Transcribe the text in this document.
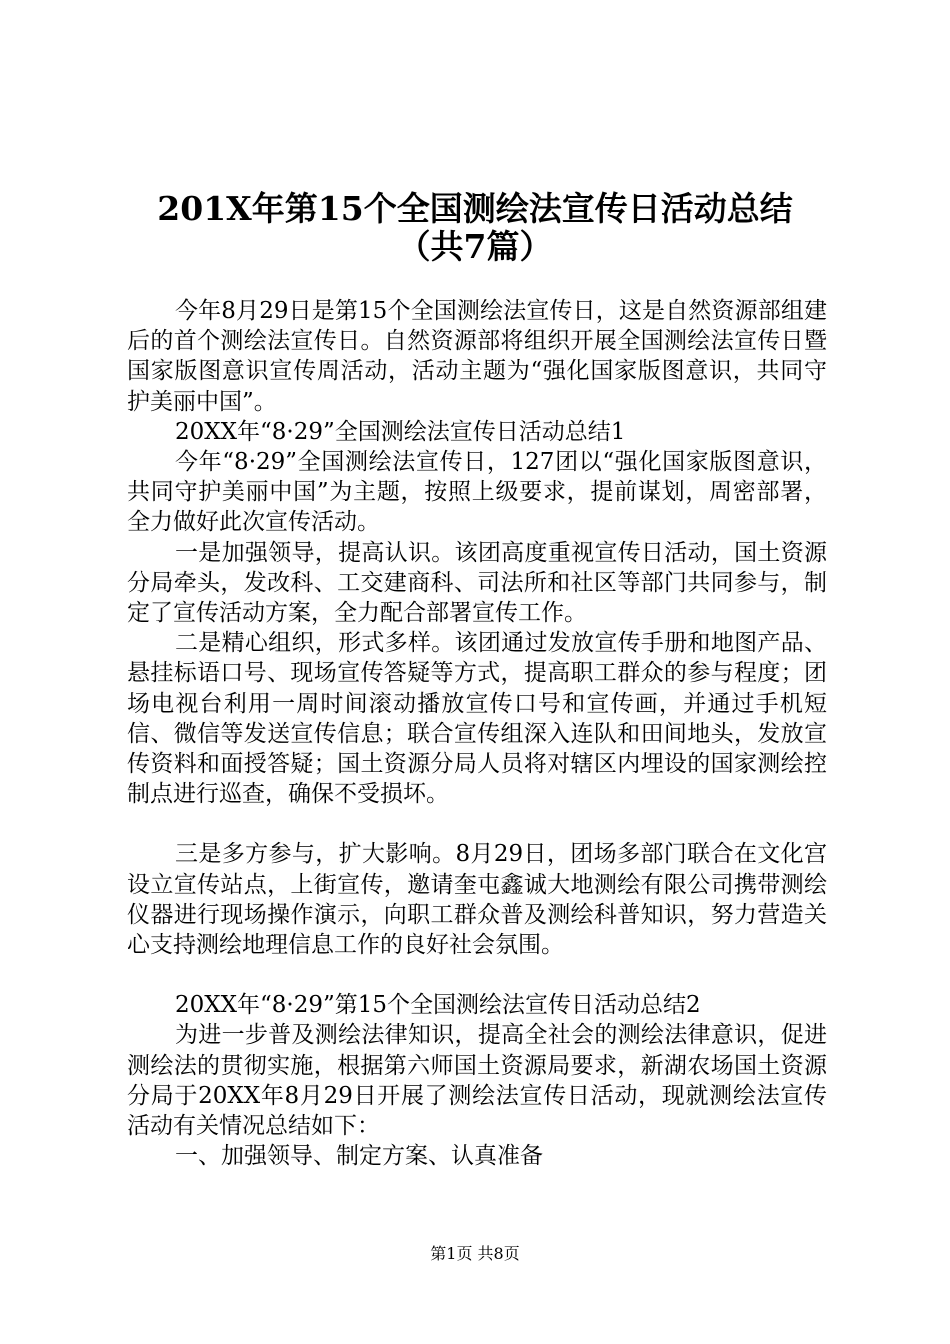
201X年第15个全国测绘法宣传日活动总结
（共7篇）

今年8月29日是第15个全国测绘法宣传日，这是自然资源部组建后的首个测绘法宣传日。自然资源部将组织开展全国测绘法宣传日暨国家版图意识宣传周活动，活动主题为“强化国家版图意识，共同守护美丽中国”。

20XX年“8·29”全国测绘法宣传日活动总结1

今年“8·29”全国测绘法宣传日，127团以“强化国家版图意识，共同守护美丽中国”为主题，按照上级要求，提前谋划，周密部署，全力做好此次宣传活动。

一是加强领导，提高认识。该团高度重视宣传日活动，国土资源分局牵头，发改科、工交建商科、司法所和社区等部门共同参与，制定了宣传活动方案，全力配合部署宣传工作。

二是精心组织，形式多样。该团通过发放宣传手册和地图产品、悬挂标语口号、现场宣传答疑等方式，提高职工群众的参与程度；团场电视台利用一周时间滚动播放宣传口号和宣传画，并通过手机短信、微信等发送宣传信息；联合宣传组深入连队和田间地头，发放宣传资料和面授答疑；国土资源分局人员将对辖区内埋设的国家测绘控制点进行巡查，确保不受损坏。

三是多方参与，扩大影响。8月29日，团场多部门联合在文化宫设立宣传站点，上街宣传，邀请奎屯鑫诚大地测绘有限公司携带测绘仪器进行现场操作演示，向职工群众普及测绘科普知识，努力营造关心支持测绘地理信息工作的良好社会氛围。

20XX年“8·29”第15个全国测绘法宣传日活动总结2

为进一步普及测绘法律知识，提高全社会的测绘法律意识，促进测绘法的贯彻实施，根据第六师国土资源局要求，新湖农场国土资源分局于20XX年8月29日开展了测绘法宣传日活动，现就测绘法宣传活动有关情况总结如下：

一、加强领导、制定方案、认真准备

第1页 共8页
